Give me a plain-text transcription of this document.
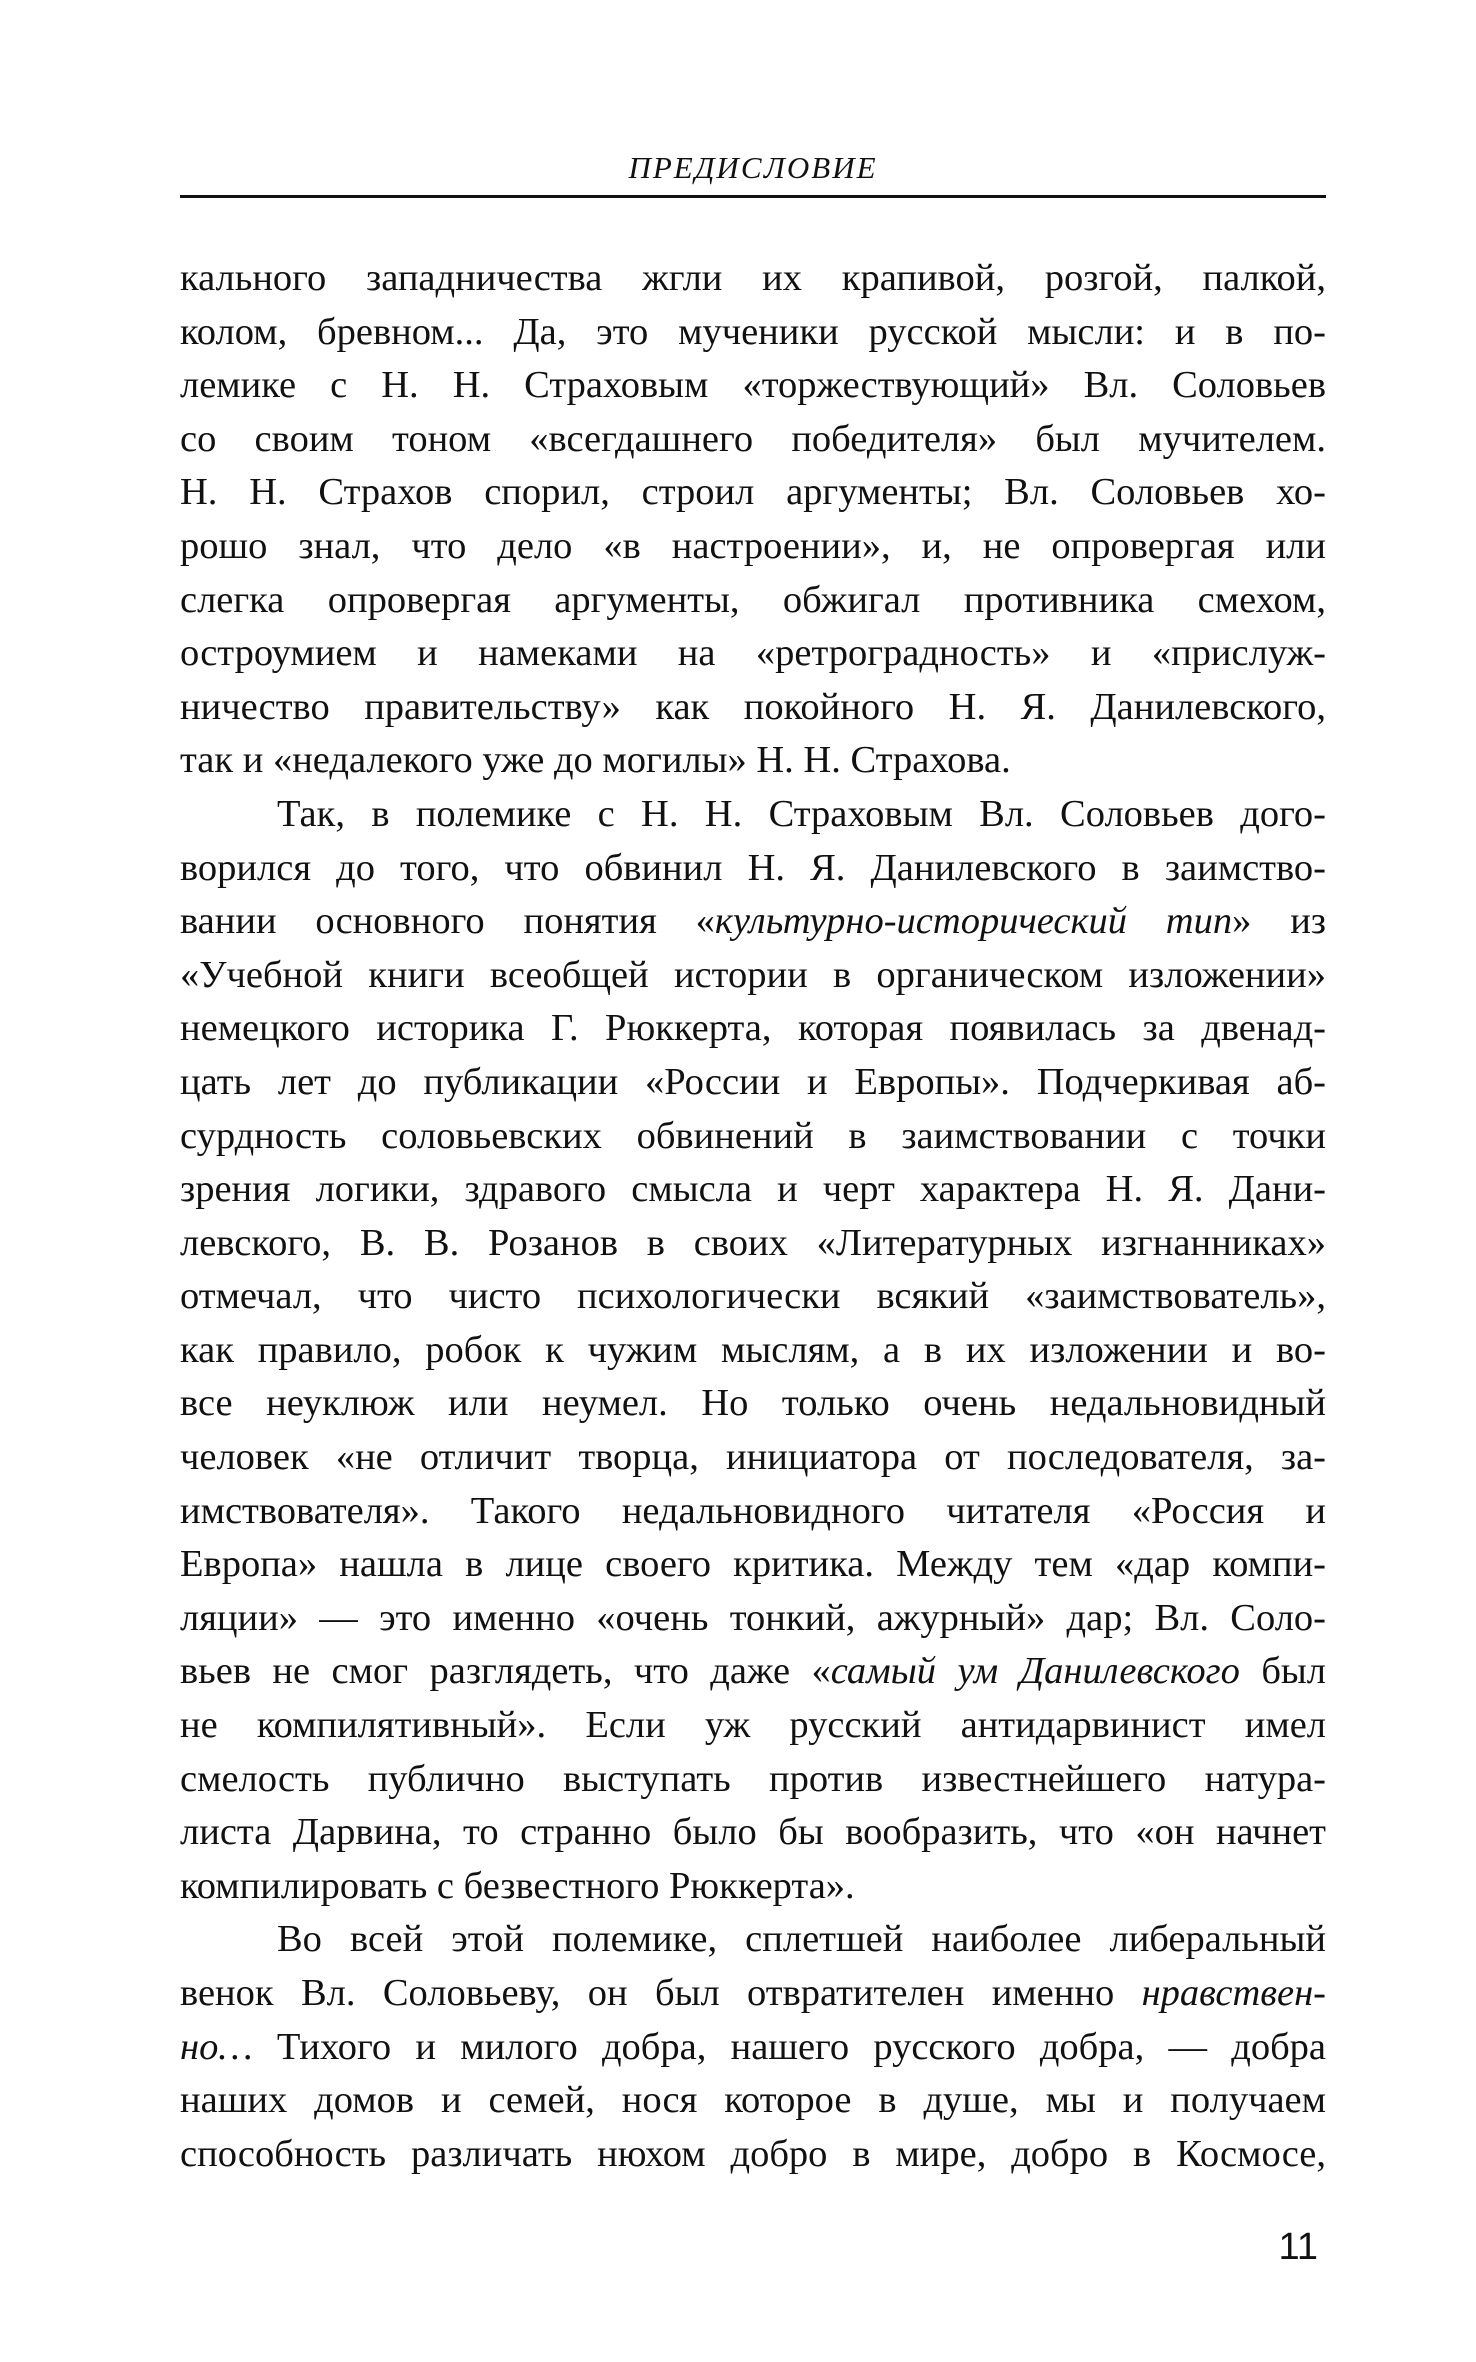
ПРЕДИСЛОВИЕ
кального западничества жгли их крапивой, розгой, палкой,
колом, бревном... Да, это мученики русской мысли: и в по-
лемике с Н. Н. Страховым «торжествующий» Вл. Соловьев
со своим тоном «всегдашнего победителя» был мучителем.
Н. Н. Страхов спорил, строил аргументы; Вл. Соловьев хо-
рошо знал, что дело «в настроении», и, не опровергая или
слегка опровергая аргументы, обжигал противника смехом,
остроумием и намеками на «ретроградность» и «прислуж-
ничество правительству» как покойного Н. Я. Данилевского,
так и «недалекого уже до могилы» Н. Н. Страхова.
Так, в полемике с Н. Н. Страховым Вл. Соловьев дого-
ворился до того, что обвинил Н. Я. Данилевского в заимство-
вании основного понятия «культурно-исторический тип» из
«Учебной книги всеобщей истории в органическом изложении»
немецкого историка Г. Рюккерта, которая появилась за двенад-
цать лет до публикации «России и Европы». Подчеркивая аб-
сурдность соловьевских обвинений в заимствовании с точки
зрения логики, здравого смысла и черт характера Н. Я. Дани-
левского, В. В. Розанов в своих «Литературных изгнанниках»
отмечал, что чисто психологически всякий «заимствователь»,
как правило, робок к чужим мыслям, а в их изложении и во-
все неуклюж или неумел. Но только очень недальновидный
человек «не отличит творца, инициатора от последователя, за-
имствователя». Такого недальновидного читателя «Россия и
Европа» нашла в лице своего критика. Между тем «дар компи-
ляции» — это именно «очень тонкий, ажурный» дар; Вл. Соло-
вьев не смог разглядеть, что даже «самый ум Данилевского был
не компилятивный». Если уж русский антидарвинист имел
смелость публично выступать против известнейшего натура-
листа Дарвина, то странно было бы вообразить, что «он начнет
компилировать с безвестного Рюккерта».
Во всей этой полемике, сплетшей наиболее либеральный
венок Вл. Соловьеву, он был отвратителен именно нравствен-
но… Тихого и милого добра, нашего русского добра, — добра
наших домов и семей, нося которое в душе, мы и получаем
способность различать нюхом добро в мире, добро в Космосе,
11
